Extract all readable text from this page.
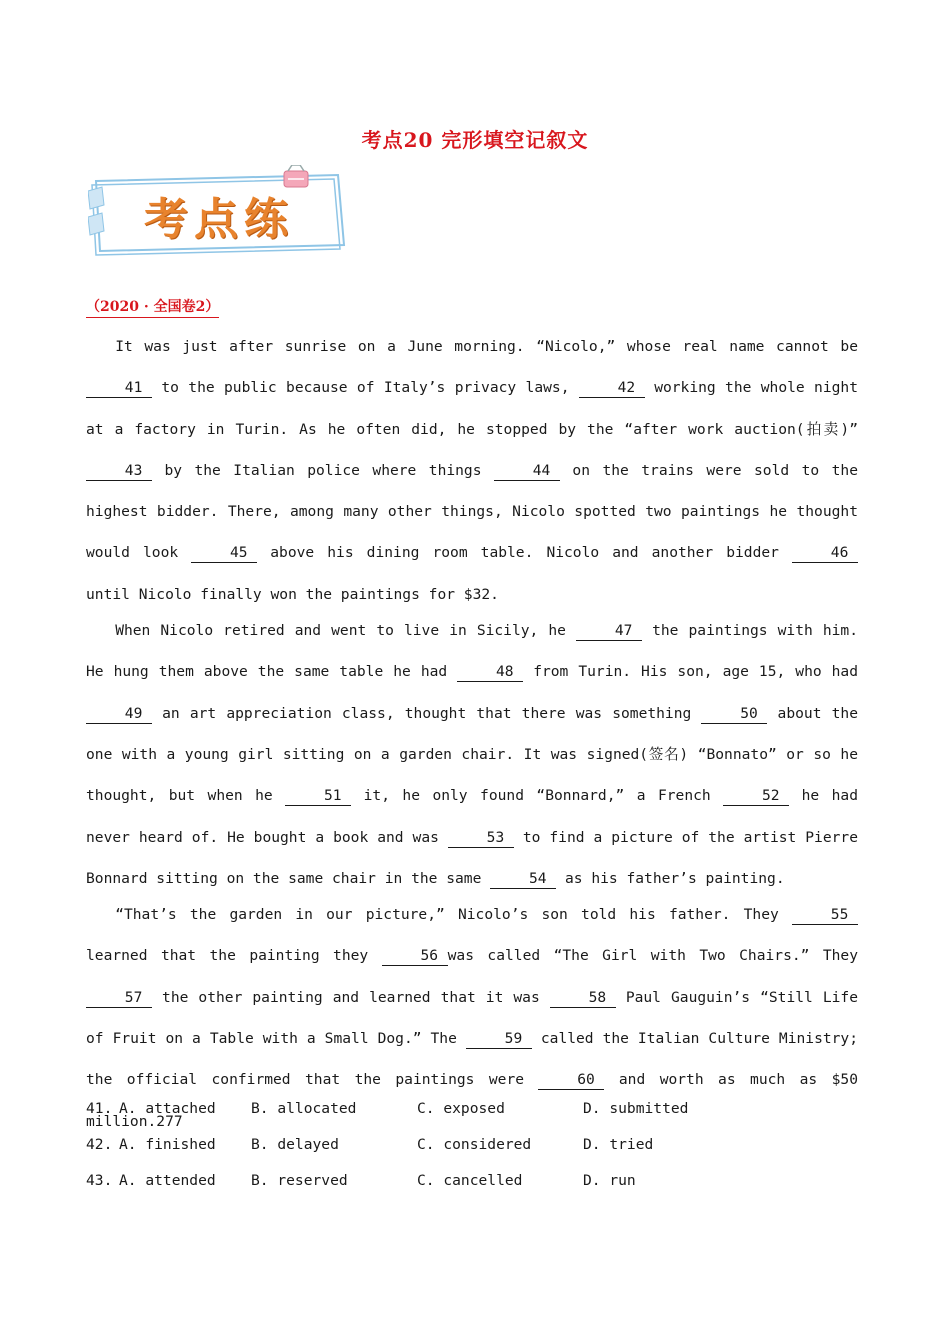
考点20 完形填空记叙文
考点练
（2020 · 全国卷2）

It was just after sunrise on a June morning. “Nicolo,” whose real name cannot be 41 to the public because of Italy’s privacy laws,	42 working the whole night at a factory in Turin. As he often did, he stopped by the “after work auction(拍卖)” 43 by the Italian police where things	44 on the trains were sold to the highest bidder. There, among many other things, Nicolo spotted two paintings he thought would look	45 above his dining room table. Nicolo and another bidder	46 until Nicolo finally won the paintings for $32.

When Nicolo retired and went to live in Sicily, he	47 the paintings with him. He hung them above the same table he had	48 from Turin. His son, age 15, who had 49 an art appreciation class, thought that there was something	50 about the one with a young girl sitting on a garden chair. It was signed(签名) “Bonnato” or so he thought, but when he	51 it, he only found “Bonnard,” a French	52 he had never heard of. He bought a book and was	53 to find a picture of the artist Pierre Bonnard sitting on the same chair in the same	54 as his father’s painting.

“That’s the garden in our picture,” Nicolo’s son told his father. They	55 learned that the painting they	56 was called “The Girl with Two Chairs.” They 57 the other painting and learned that it was	58 Paul Gauguin’s “Still Life of Fruit on a Table with a Small Dog.” The	59 called the Italian Culture Ministry; the official confirmed that the paintings were	60 and worth as much as $50 million.277

41. A. attached B. allocated	C. exposed	D. submitted
42. A. finished B. delayed	C. considered	D. tried
43. A. attended B. reserved	C. cancelled	D. run
